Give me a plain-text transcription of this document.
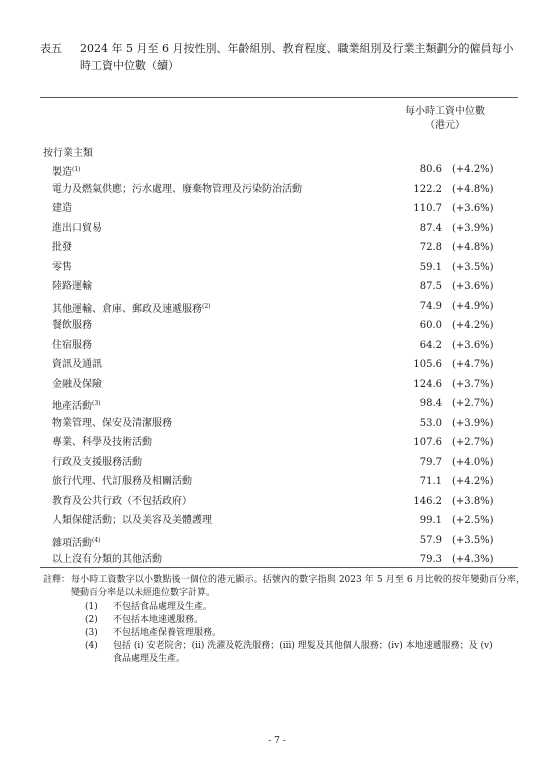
表五 2024 年 5 月至 6 月按性別、年齡組別、教育程度、職業組別及行業主類劃分的僱員每小時工資中位數（續）
每小時工資中位數
（港元）
按行業主類
製造$^{(1)}$	80.6 (+4.2%)
電力及燃氣供應；污水處理、廢棄物管理及污染防治活動	122.2 (+4.8%)
建造	110.7 (+3.6%)
進出口貿易	87.4 (+3.9%)
批發	72.8 (+4.8%)
零售	59.1 (+3.5%)
陸路運輸	87.5 (+3.6%)
其他運輸、倉庫、郵政及速遞服務$^{(2)}$	74.9 (+4.9%)
餐飲服務	60.0 (+4.2%)
住宿服務	64.2 (+3.6%)
資訊及通訊	105.6 (+4.7%)
金融及保險	124.6 (+3.7%)
地產活動$^{(3)}$	98.4 (+2.7%)
物業管理、保安及清潔服務	53.0 (+3.9%)
專業、科學及技術活動	107.6 (+2.7%)
行政及支援服務活動	79.7 (+4.0%)
旅行代理、代訂服務及相關活動	71.1 (+4.2%)
教育及公共行政（不包括政府）	146.2 (+3.8%)
人類保健活動；以及美容及美體護理	99.1 (+2.5%)
雜項活動$^{(4)}$	57.9 (+3.5%)
以上沒有分類的其他活動	79.3 (+4.3%)
註釋： 每小時工資數字以小數點後一個位的港元顯示。括號內的數字指與 2023 年 5 月至 6 月比較的按年變動百分率，變動百分率是以未經進位數字計算。
(1) 不包括食品處理及生產。
(2) 不包括本地速遞服務。
(3) 不包括地產保養管理服務。
(4) 包括 (i) 安老院舍；(ii) 洗濯及乾洗服務；(iii) 理髮及其他個人服務；(iv) 本地速遞服務；及 (v) 食品處理及生產。
- 7 -
